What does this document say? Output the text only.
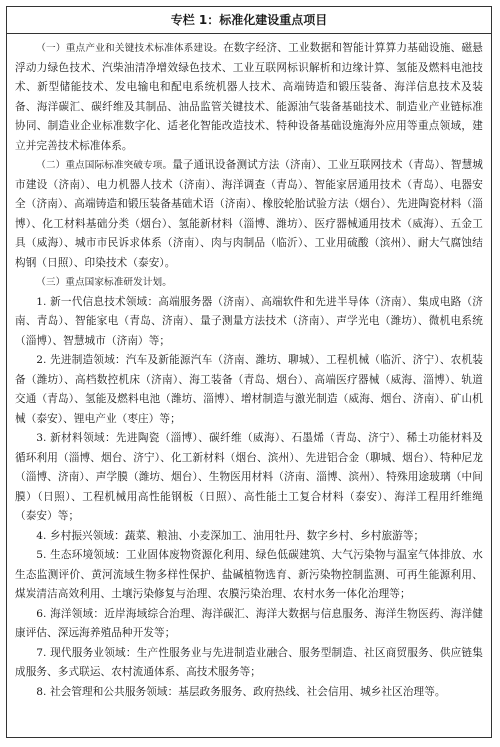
专栏 1：标准化建设重点项目

（一）重点产业和关键技术标准体系建设。在数字经济、工业数据和智能计算算力基础设施、磁悬浮动力绿色技术、汽柴油清净增效绿色技术、工业互联网标识解析和边缘计算、氢能及燃料电池技术、新型储能技术、发电输电和配电系统机器人技术、高端铸造和锻压装备、海洋信息技术及装备、海洋碳汇、碳纤维及其制品、油品监管关键技术、能源油气装备基础技术、制造业产业链标准协同、制造业企业标准数字化、适老化智能改造技术、特种设备基础设施海外应用等重点领域，建立并完善技术标准体系。

（二）重点国际标准突破专项。量子通讯设备测试方法（济南）、工业互联网技术（青岛）、智慧城市建设（济南）、电力机器人技术（济南）、海洋调查（青岛）、智能家居通用技术（青岛）、电器安全（济南）、高端铸造和锻压装备基础术语（济南）、橡胶轮胎试验方法（烟台）、先进陶瓷材料（淄博）、化工材料基础分类（烟台）、氢能新材料（淄博、潍坊）、医疗器械通用技术（威海）、五金工具（威海）、城市市民诉求体系（济南）、肉与肉制品（临沂）、工业用硫酸（滨州）、耐大气腐蚀结构钢（日照）、印染技术（泰安）。

（三）重点国家标准研发计划。

1. 新一代信息技术领域：高端服务器（济南）、高端软件和先进半导体（济南）、集成电路（济南、青岛）、智能家电（青岛、济南）、量子测量方法技术（济南）、声学光电（潍坊）、微机电系统（淄博）、智慧城市（济南）等；

2. 先进制造领域：汽车及新能源汽车（济南、潍坊、聊城）、工程机械（临沂、济宁）、农机装备（潍坊）、高档数控机床（济南）、海工装备（青岛、烟台）、高端医疗器械（威海、淄博）、轨道交通（青岛）、氢能及燃料电池（潍坊、淄博）、增材制造与激光制造（威海、烟台、济南）、矿山机械（泰安）、锂电产业（枣庄）等；

3. 新材料领域：先进陶瓷（淄博）、碳纤维（威海）、石墨烯（青岛、济宁）、稀土功能材料及循环利用（淄博、烟台、济宁）、化工新材料（烟台、滨州）、先进铝合金（聊城、烟台）、特种尼龙（淄博、济南）、声学膜（潍坊、烟台）、生物医用材料（济南、淄博、滨州）、特殊用途玻璃（中间膜）（日照）、工程机械用高性能钢板（日照）、高性能土工复合材料（泰安）、海洋工程用纤维绳（泰安）等；

4. 乡村振兴领域：蔬菜、粮油、小麦深加工、油用牡丹、数字乡村、乡村旅游等；

5. 生态环境领域：工业固体废物资源化利用、绿色低碳建筑、大气污染物与温室气体排放、水生态监测评价、黄河流域生物多样性保护、盐碱植物选育、新污染物控制监测、可再生能源利用、煤炭清洁高效利用、土壤污染修复与治理、农膜污染治理、农村水务一体化治理等；

6. 海洋领域：近岸海域综合治理、海洋碳汇、海洋大数据与信息服务、海洋生物医药、海洋健康评估、深远海养殖品种开发等；

7. 现代服务业领域：生产性服务业与先进制造业融合、服务型制造、社区商贸服务、供应链集成服务、多式联运、农村流通体系、高技术服务等；

8. 社会管理和公共服务领域：基层政务服务、政府热线、社会信用、城乡社区治理等。
